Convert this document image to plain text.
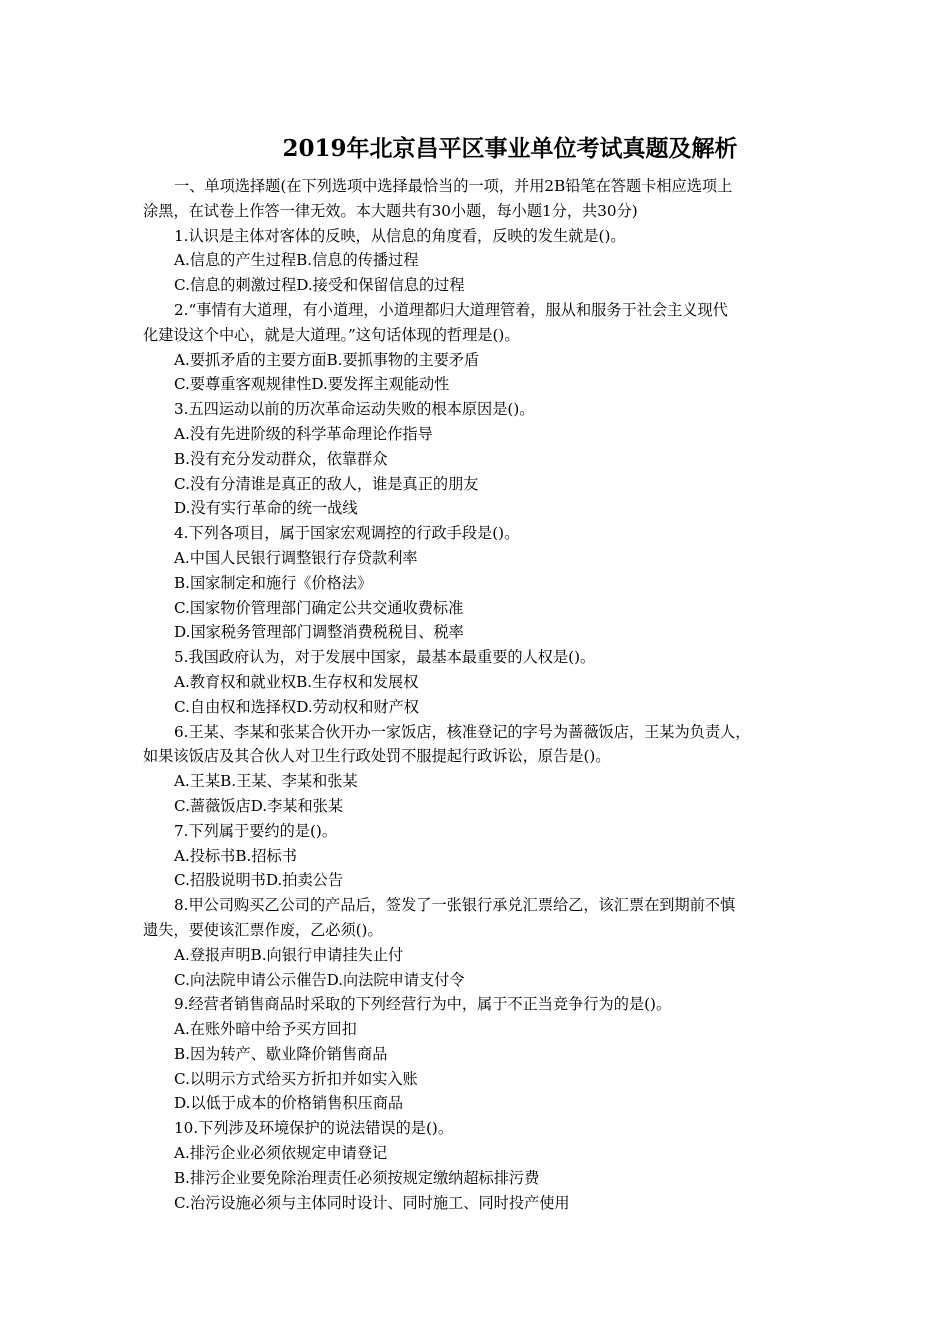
2019年北京昌平区事业单位考试真题及解析

一、单项选择题(在下列选项中选择最恰当的一项，并用2B铅笔在答题卡相应选项上
涂黑，在试卷上作答一律无效。本大题共有30小题，每小题1分，共30分)

1.认识是主体对客体的反映，从信息的角度看，反映的发生就是()。

A.信息的产生过程B.信息的传播过程

C.信息的刺激过程D.接受和保留信息的过程

2.“事情有大道理，有小道理，小道理都归大道理管着，服从和服务于社会主义现代
化建设这个中心，就是大道理。”这句话体现的哲理是()。

A.要抓矛盾的主要方面B.要抓事物的主要矛盾

C.要尊重客观规律性D.要发挥主观能动性

3.五四运动以前的历次革命运动失败的根本原因是()。

A.没有先进阶级的科学革命理论作指导

B.没有充分发动群众，依靠群众

C.没有分清谁是真正的敌人，谁是真正的朋友

D.没有实行革命的统一战线

4.下列各项目，属于国家宏观调控的行政手段是()。

A.中国人民银行调整银行存贷款利率

B.国家制定和施行《价格法》

C.国家物价管理部门确定公共交通收费标准

D.国家税务管理部门调整消费税税目、税率

5.我国政府认为，对于发展中国家，最基本最重要的人权是()。

A.教育权和就业权B.生存权和发展权

C.自由权和选择权D.劳动权和财产权

6.王某、李某和张某合伙开办一家饭店，核准登记的字号为蔷薇饭店，王某为负责人，
如果该饭店及其合伙人对卫生行政处罚不服提起行政诉讼，原告是()。

A.王某B.王某、李某和张某

C.蔷薇饭店D.李某和张某

7.下列属于要约的是()。

A.投标书B.招标书

C.招股说明书D.拍卖公告

8.甲公司购买乙公司的产品后，签发了一张银行承兑汇票给乙，该汇票在到期前不慎
遗失，要使该汇票作废，乙必须()。

A.登报声明B.向银行申请挂失止付

C.向法院申请公示催告D.向法院申请支付令

9.经营者销售商品时采取的下列经营行为中，属于不正当竞争行为的是()。

A.在账外暗中给予买方回扣

B.因为转产、歇业降价销售商品

C.以明示方式给买方折扣并如实入账

D.以低于成本的价格销售积压商品

10.下列涉及环境保护的说法错误的是()。

A.排污企业必须依规定申请登记

B.排污企业要免除治理责任必须按规定缴纳超标排污费

C.治污设施必须与主体同时设计、同时施工、同时投产使用
